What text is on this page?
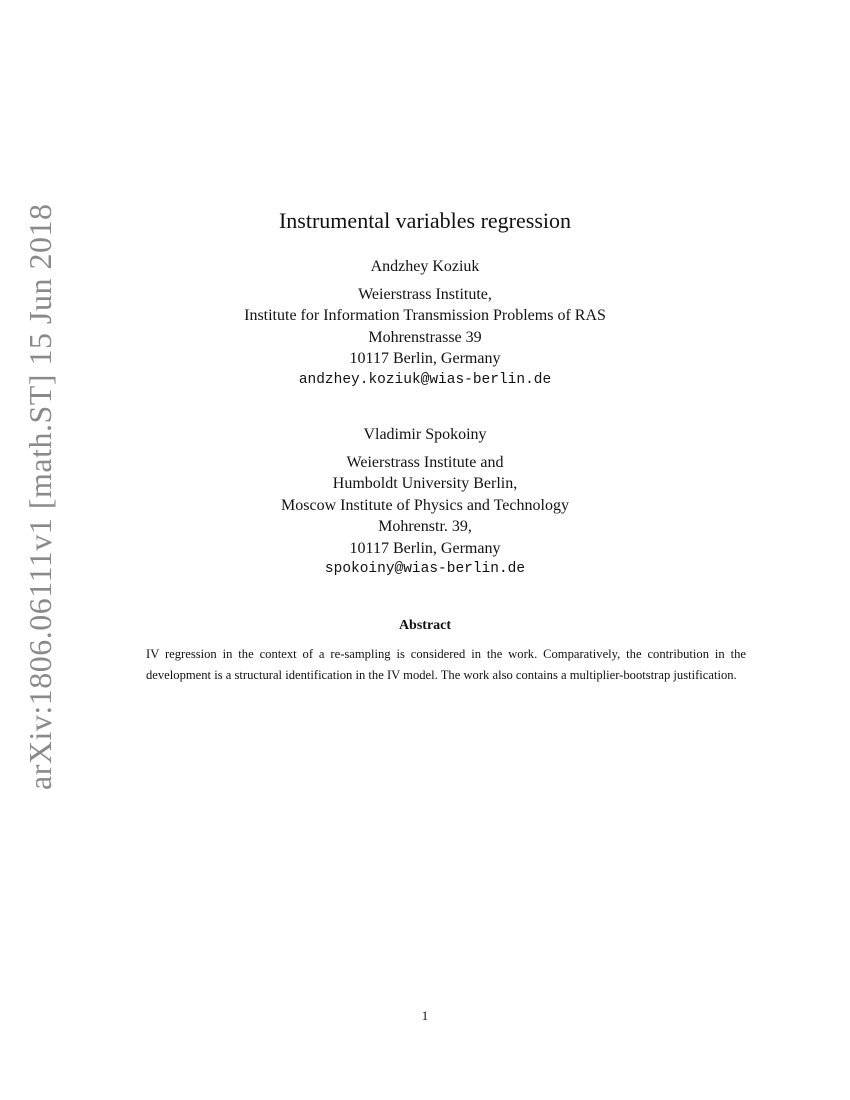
arXiv:1806.06111v1 [math.ST] 15 Jun 2018	Instrumental variables regression
Andzhey Koziuk
Weierstrass Institute,
Institute for Information Transmission Problems of RAS
Mohrenstrasse 39
10117 Berlin, Germany
andzhey.koziuk@wias-berlin.de
Vladimir Spokoiny
Weierstrass Institute and
Humboldt University Berlin,
Moscow Institute of Physics and Technology
Mohrenstr. 39,
10117 Berlin, Germany
spokoiny@wias-berlin.de
Abstract
IV regression in the context of a re-sampling is considered in the work. Comparatively, the contribution in the development is a structural identification in the IV model. The work also contains a multiplier-bootstrap justification.
1
